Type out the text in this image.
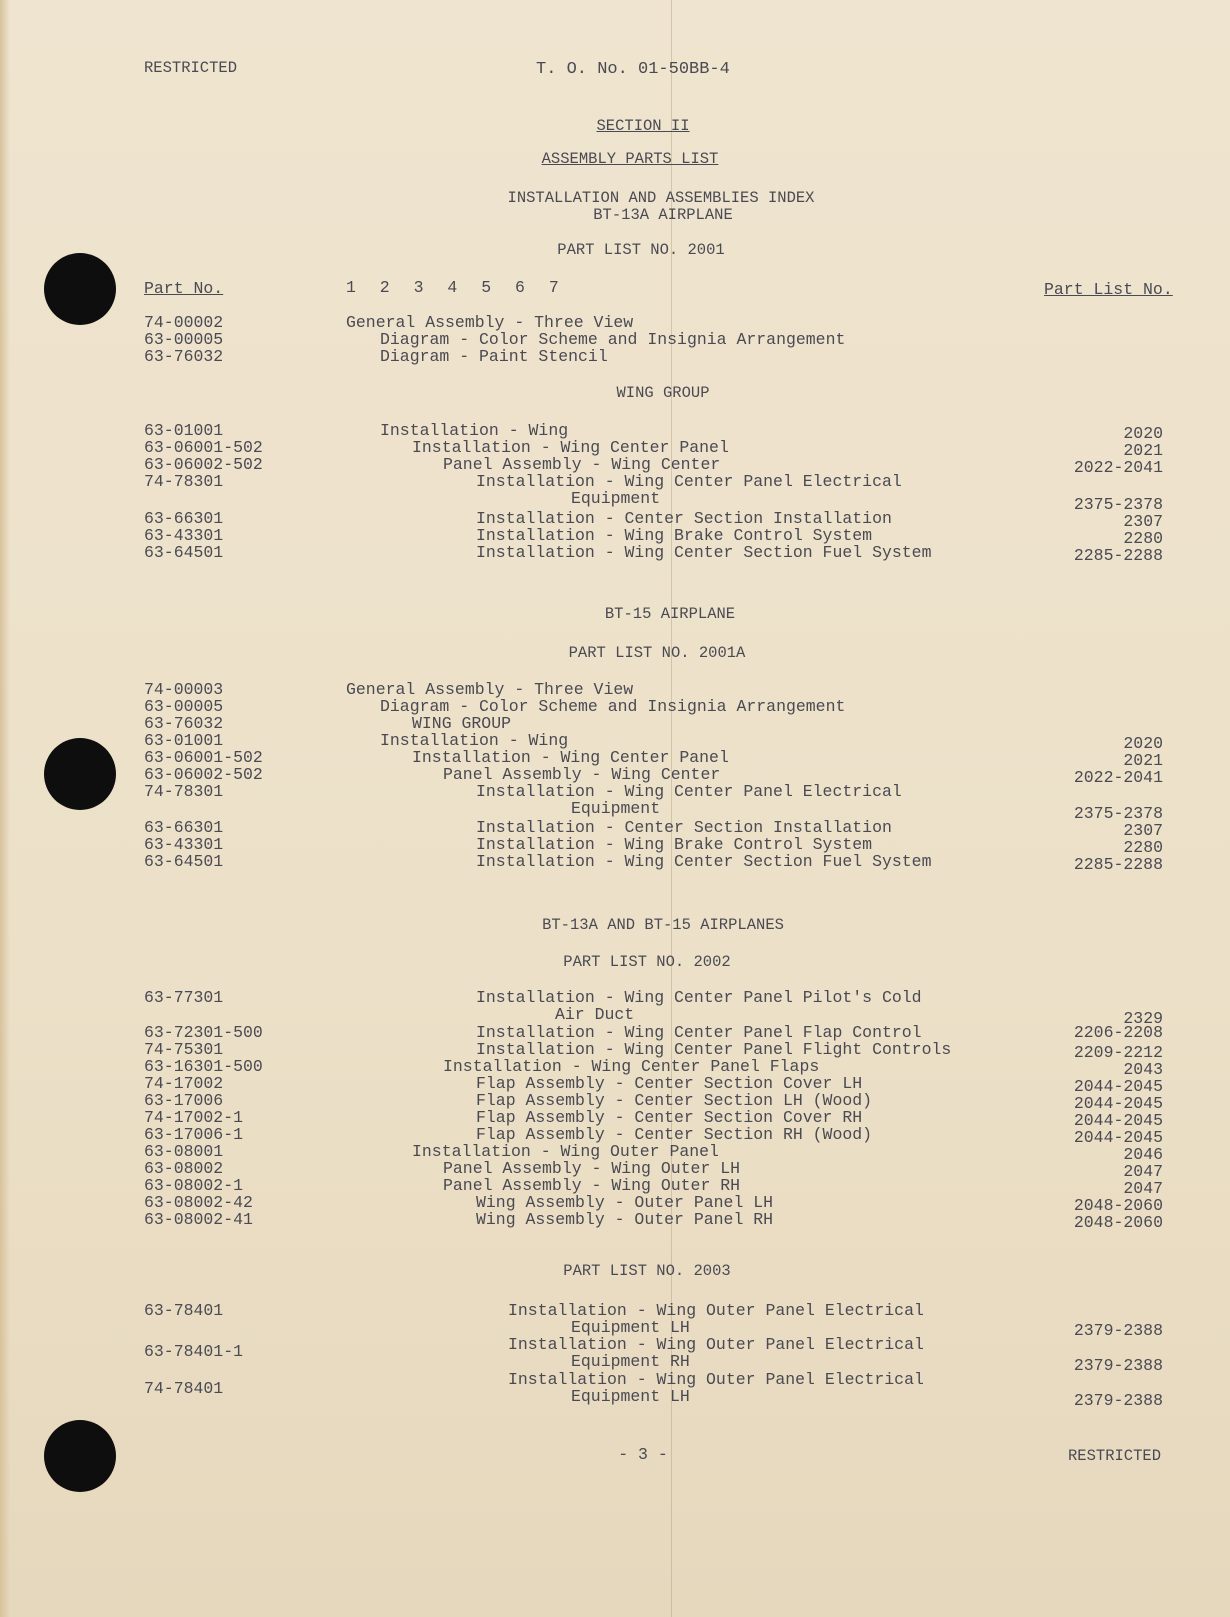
RESTRICTED	T. O. No. 01-50BB-4
SECTION II
ASSEMBLY PARTS LIST
INSTALLATION AND ASSEMBLIES INDEX
BT-13A AIRPLANE
PART LIST NO. 2001
Part No.	1 2 3 4 5 6 7	Part List No.
74-00002	General Assembly - Three View
63-00005	Diagram - Color Scheme and Insignia Arrangement
63-76032	Diagram - Paint Stencil
WING GROUP
63-01001	Installation - Wing	2020
63-06001-502	Installation - Wing Center Panel	2021
63-06002-502	Panel Assembly - Wing Center	2022-2041
74-78301	Installation - Wing Center Panel Electrical
Equipment	2375-2378
63-66301	Installation - Center Section Installation	2307
63-43301	Installation - Wing Brake Control System	2280
63-64501	Installation - Wing Center Section Fuel System	2285-2288
BT-15 AIRPLANE
PART LIST NO. 2001A
74-00003	General Assembly - Three View
63-00005	Diagram - Color Scheme and Insignia Arrangement
63-76032	WING GROUP
63-01001	Installation - Wing	2020
63-06001-502	Installation - Wing Center Panel	2021
63-06002-502	Panel Assembly - Wing Center	2022-2041
74-78301	Installation - Wing Center Panel Electrical
Equipment	2375-2378
63-66301	Installation - Center Section Installation	2307
63-43301	Installation - Wing Brake Control System	2280
63-64501	Installation - Wing Center Section Fuel System	2285-2288
BT-13A AND BT-15 AIRPLANES
PART LIST NO. 2002
63-77301	Installation - Wing Center Panel Pilot's Cold
Air Duct	2329
63-72301-500	Installation - Wing Center Panel Flap Control	2206-2208
74-75301	Installation - Wing Center Panel Flight Controls	2209-2212
63-16301-500	Installation - Wing Center Panel Flaps	2043
74-17002	Flap Assembly - Center Section Cover LH	2044-2045
63-17006	Flap Assembly - Center Section LH (Wood)	2044-2045
74-17002-1	Flap Assembly - Center Section Cover RH	2044-2045
63-17006-1	Flap Assembly - Center Section RH (Wood)	2044-2045
63-08001	Installation - Wing Outer Panel	2046
63-08002	Panel Assembly - Wing Outer LH	2047
63-08002-1	Panel Assembly - Wing Outer RH	2047
63-08002-42	Wing Assembly - Outer Panel LH	2048-2060
63-08002-41	Wing Assembly - Outer Panel RH	2048-2060
PART LIST NO. 2003
63-78401	Installation - Wing Outer Panel Electrical
Equipment LH	2379-2388
63-78401-1	Installation - Wing Outer Panel Electrical
Equipment RH	2379-2388
74-78401	Installation - Wing Outer Panel Electrical
Equipment LH	2379-2388
- 3 -	RESTRICTED
